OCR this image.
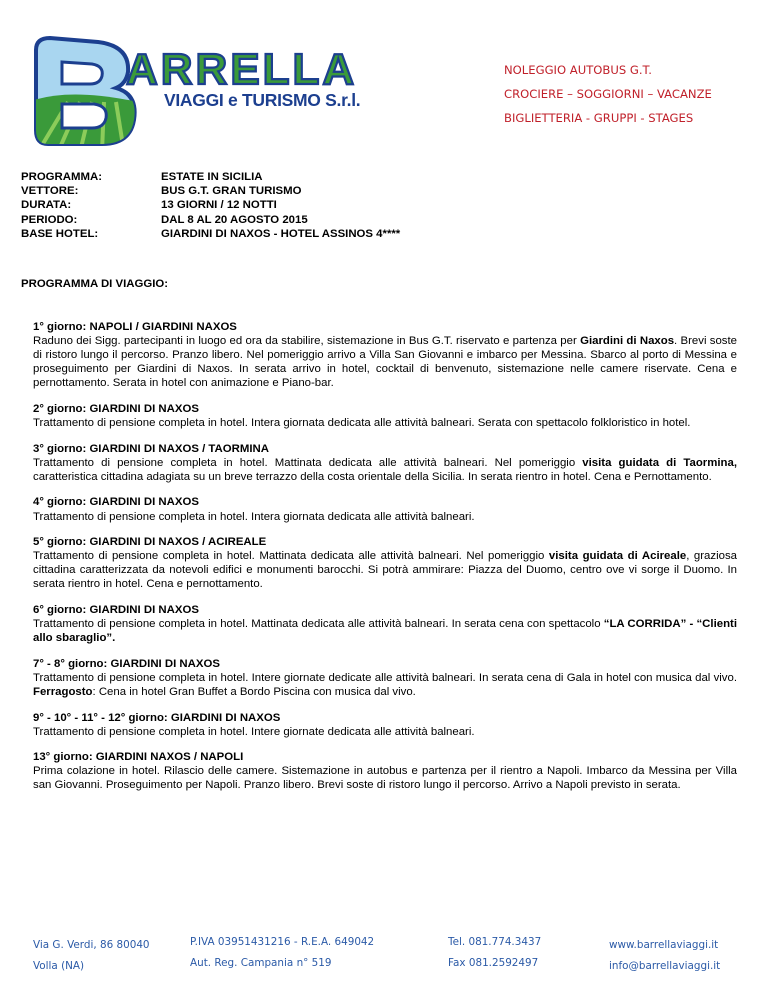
ARRELLA
VIAGGI e TURISMO S.r.l.
NOLEGGIO AUTOBUS G.T.
CROCIERE – SOGGIORNI – VACANZE
BIGLIETTERIA - GRUPPI - STAGES
PROGRAMMA:	ESTATE IN SICILIA
VETTORE:	BUS G.T. GRAN TURISMO
DURATA:	13 GIORNI / 12 NOTTI
PERIODO:	DAL 8 AL 20 AGOSTO 2015
BASE HOTEL:	GIARDINI DI NAXOS - HOTEL ASSINOS 4****
PROGRAMMA DI VIAGGIO:
1° giorno: NAPOLI / GIARDINI NAXOS
Raduno dei Sigg. partecipanti in luogo ed ora da stabilire, sistemazione in Bus G.T. riservato e partenza per Giardini di Naxos. Brevi soste di ristoro lungo il percorso. Pranzo libero. Nel pomeriggio arrivo a Villa San Giovanni e imbarco per Messina. Sbarco al porto di Messina e proseguimento per Giardini di Naxos. In serata arrivo in hotel, cocktail di benvenuto, sistemazione nelle camere riservate. Cena e pernottamento. Serata in hotel con animazione e Piano-bar.
2° giorno: GIARDINI DI NAXOS
Trattamento di pensione completa in hotel. Intera giornata dedicata alle attività balneari. Serata con spettacolo folkloristico in hotel.
3° giorno: GIARDINI DI NAXOS / TAORMINA
Trattamento di pensione completa in hotel. Mattinata dedicata alle attività balneari. Nel pomeriggio visita guidata di Taormina, caratteristica cittadina adagiata su un breve terrazzo della costa orientale della Sicilia. In serata rientro in hotel. Cena e Pernottamento.
4° giorno: GIARDINI DI NAXOS
Trattamento di pensione completa in hotel. Intera giornata dedicata alle attività balneari.
5° giorno: GIARDINI DI NAXOS / ACIREALE
Trattamento di pensione completa in hotel. Mattinata dedicata alle attività balneari. Nel pomeriggio visita guidata di Acireale, graziosa cittadina caratterizzata da notevoli edifici e monumenti barocchi. Si potrà ammirare: Piazza del Duomo, centro ove vi sorge il Duomo. In serata rientro in hotel. Cena e pernottamento.
6° giorno: GIARDINI DI NAXOS
Trattamento di pensione completa in hotel. Mattinata dedicata alle attività balneari. In serata cena con spettacolo “LA CORRIDA” - “Clienti allo sbaraglio”.
7° - 8° giorno: GIARDINI DI NAXOS
Trattamento di pensione completa in hotel. Intere giornate dedicate alle attività balneari. In serata cena di Gala in hotel con musica dal vivo. Ferragosto: Cena in hotel Gran Buffet a Bordo Piscina con musica dal vivo.
9° - 10° - 11° - 12° giorno: GIARDINI DI NAXOS
Trattamento di pensione completa in hotel. Intere giornate dedicata alle attività balneari.
13° giorno: GIARDINI NAXOS / NAPOLI
Prima colazione in hotel. Rilascio delle camere. Sistemazione in autobus e partenza per il rientro a Napoli. Imbarco da Messina per Villa san Giovanni. Proseguimento per Napoli. Pranzo libero. Brevi soste di ristoro lungo il percorso. Arrivo a Napoli previsto in serata.
Via G. Verdi, 86 80040
Volla (NA)
P.IVA 03951431216 - R.E.A. 649042
Aut. Reg. Campania n° 519
Tel. 081.774.3437
Fax 081.2592497
www.barrellaviaggi.it
info@barrellaviaggi.it
